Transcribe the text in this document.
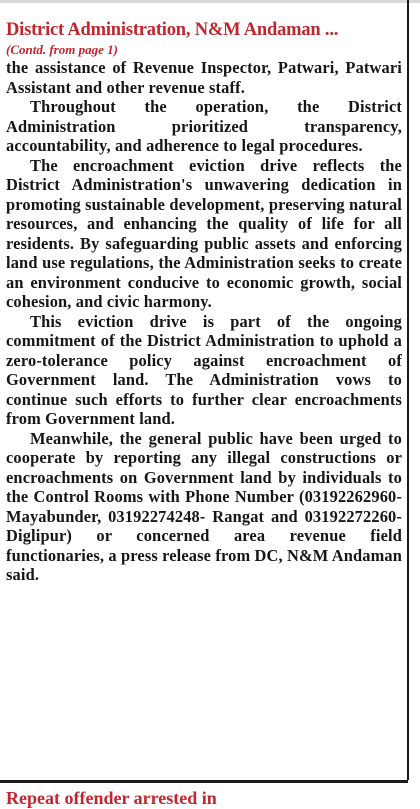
District Administration, N&M Andaman ...
(Contd. from page 1)

the assistance of Revenue Inspector, Patwari, Patwari Assistant and other revenue staff.

Throughout the operation, the District Administration prioritized transparency, accountability, and adherence to legal procedures.

The encroachment eviction drive reflects the District Administration's unwavering dedication in promoting sustainable development, preserving natural resources, and enhancing the quality of life for all residents. By safeguarding public assets and enforcing land use regulations, the Administration seeks to create an environment conducive to economic growth, social cohesion, and civic harmony.

This eviction drive is part of the ongoing commitment of the District Administration to uphold a zero-tolerance policy against encroachment of Government land. The Administration vows to continue such efforts to further clear encroachments from Government land.

Meanwhile, the general public have been urged to cooperate by reporting any illegal constructions or encroachments on Government land by individuals to the Control Rooms with Phone Number (03192262960- Mayabunder, 03192274248- Rangat and 03192272260- Diglipur) or concerned area revenue field functionaries, a press release from DC, N&M Andaman said.

Repeat offender arrested in
